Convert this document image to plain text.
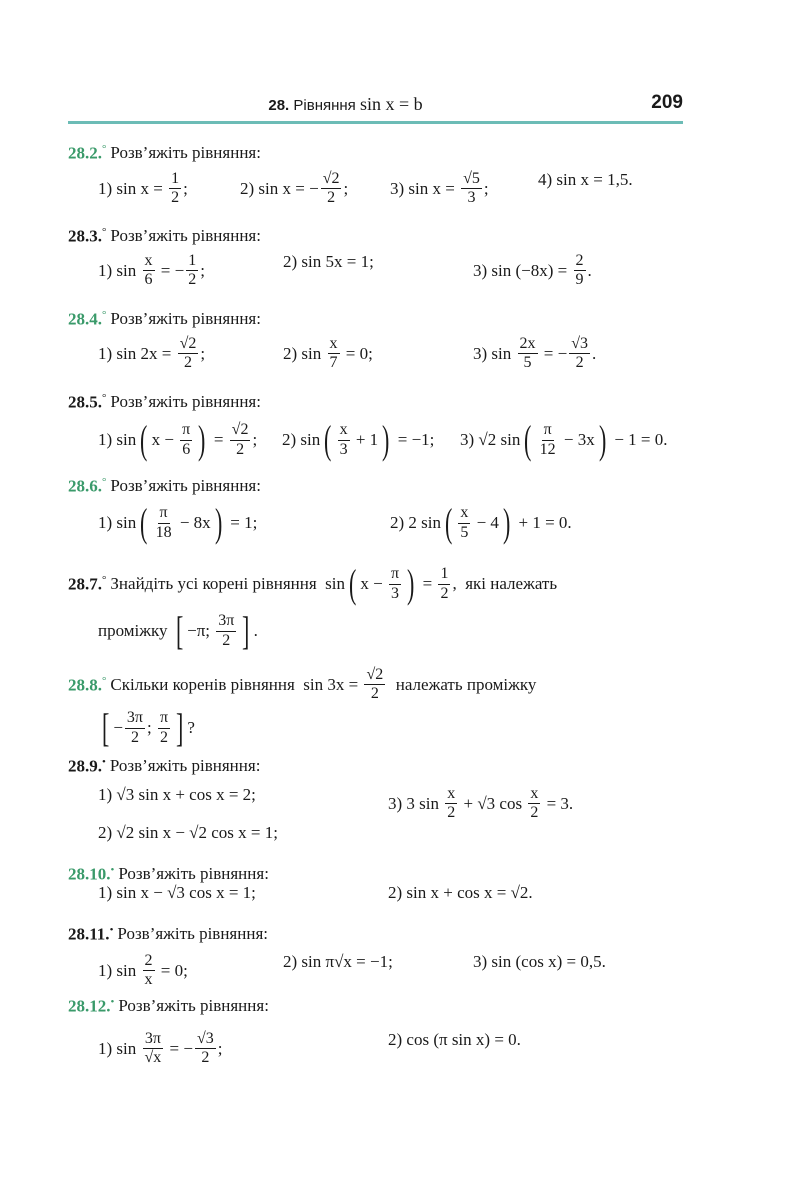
28. Рівняння sin x = b	209
28.2.° Розв’яжіть рівняння:
1) $\sin x = \frac{1}{2}$ ;	2) sin x = − $\frac{√2}{2}$ ; 3) $\sin x = \frac{√5}{3}$ ;	4) sin x = 1,5.
28.3.° Розв’яжіть рівняння:
1) $\sin \frac{x}{6}$ = − $\frac{1}{2}$ ;	2) sin 5x = 1;	3) $\sin (-8x) = \frac{2}{9}$ .
28.4.° Розв’яжіть рівняння:
1) $\sin 2x = \frac{√2}{2}$ ;	2) $\sin \frac{x}{7} = 0$;	3) $\sin \frac{2x}{5}$ = − $\frac{√3}{2}$ .
28.5.° Розв’яжіть рівняння:
1) sin ( $x - \frac{\pi}{6}$ ) = $\frac{√2}{2}$ ; 2) sin ( $\frac{x}{3} + 1$ ) = −1; 3) √2 sin ( $\frac{\pi}{12} - 3x$ ) − 1 = 0.
28.6.° Розв’яжіть рівняння:
1) sin ( $\frac{\pi}{18} - 8x$ ) = 1;	2) 2 sin ( $\frac{x}{5} - 4$ ) + 1 = 0.
28.7.° Знайдіть усі корені рівняння  sin ( $x - \frac{\pi}{3}$ ) = $\frac{1}{2}$ ,  які належать
проміжку [ −π; $\frac{3\pi}{2}$ ] .
28.8.° Скільки коренів рівняння  $\sin 3x = \frac{√2}{2}$ належать проміжку
[ − $\frac{3\pi}{2}$ ; $\frac{\pi}{2}$ ] ?
28.9.• Розв’яжіть рівняння:
1) √3 sin x + cos x = 2;	3) 3 $\sin \frac{x}{2} + √3$ $\cos \frac{x}{2} = 3$.
2) √2 sin x − √2 cos x = 1;
28.10.• Розв’яжіть рівняння:
1) sin x − √3 cos x = 1;	2) sin x + cos x = √2.
28.11.• Розв’яжіть рівняння:
1) $\sin \frac{2}{x} = 0$;	2) sin π√x = −1;	3) sin (cos x) = 0,5.
28.12.• Розв’яжіть рівняння:
1) $\sin \frac{3\pi}{√x}$ = − $\frac{√3}{2}$ ;	2) cos (π sin x) = 0.
